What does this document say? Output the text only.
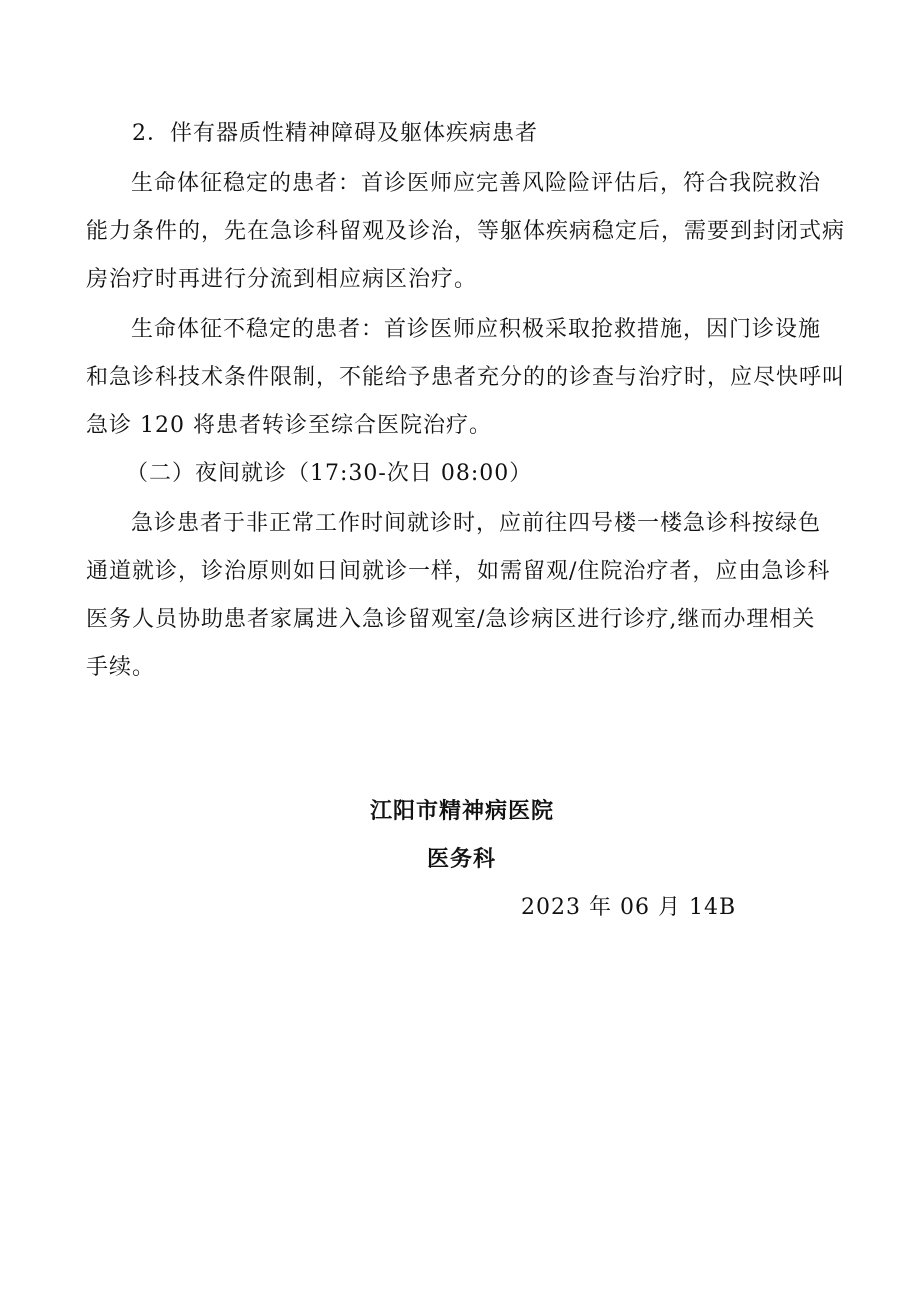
2．伴有器质性精神障碍及躯体疾病患者
生命体征稳定的患者：首诊医师应完善风险险评估后，符合我院救治
能力条件的，先在急诊科留观及诊治，等躯体疾病稳定后，需要到封闭式病
房治疗时再进行分流到相应病区治疗。
生命体征不稳定的患者：首诊医师应积极采取抢救措施，因门诊设施
和急诊科技术条件限制，不能给予患者充分的的诊查与治疗时，应尽快呼叫
急诊 120 将患者转诊至综合医院治疗。
（二）夜间就诊（17:30-次日 08:00）
急诊患者于非正常工作时间就诊时，应前往四号楼一楼急诊科按绿色
通道就诊，诊治原则如日间就诊一样，如需留观/住院治疗者，应由急诊科
医务人员协助患者家属进入急诊留观室/急诊病区进行诊疗,继而办理相关
手续。
江阳市精神病医院
医务科
2023 年 06 月 14B
